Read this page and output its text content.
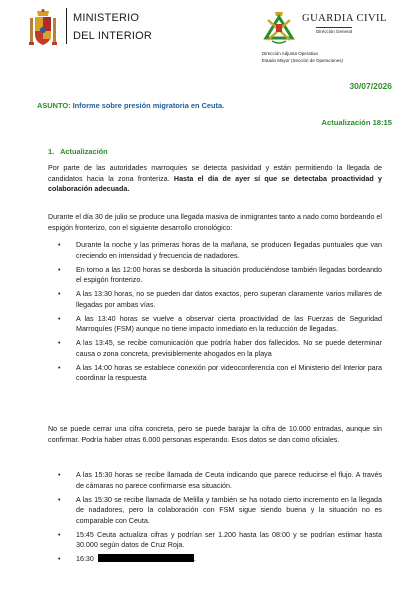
MINISTERIO
DEL INTERIOR
GUARDIA CIVIL
Dirección General
Dirección Adjunta Operativa
Estado Mayor (Sección de Operaciones)
30/07/2026
ASUNTO: Informe sobre presión migratoria en Ceuta.
Actualización 18:15
1. Actualización
Por parte de las autoridades marroquíes se detecta pasividad y están permitiendo la llegada de candidatos hacia la zona fronteriza. Hasta el día de ayer sí que se detectaba proactividad y colaboración adecuada.
Durante el día 30 de julio se produce una llegada masiva de inmigrantes tanto a nado como bordeando el espigón fronterizo, con el siguiente desarrollo cronológico:
• Durante la noche y las primeras horas de la mañana, se producen llegadas puntuales que van creciendo en intensidad y frecuencia de nadadores.
• En torno a las 12:00 horas se desborda la situación produciéndose también llegadas bordeando el espigón fronterizo.
• A las 13:30 horas, no se pueden dar datos exactos, pero superan claramente varios millares de llegadas por ambas vías.
• A las 13:40 horas se vuelve a observar cierta proactividad de las Fuerzas de Seguridad Marroquíes (FSM) aunque no tiene impacto inmediato en la reducción de llegadas.
• A las 13:45, se recibe comunicación que podría haber dos fallecidos. No se puede determinar causa o zona concreta, previsiblemente ahogados en la playa
• A las 14:00 horas se establece conexión por videoconferencia con el Ministerio del Interior para coordinar la respuesta
No se puede cerrar una cifra concreta, pero se puede barajar la cifra de 10.000 entradas, aunque sin confirmar. Podría haber otras 6.000 personas esperando. Esos datos se dan como oficiales.
• A las 15:30 horas se recibe llamada de Ceuta indicando que parece reducirse el flujo. A través de cámaras no parece confirmarse esa situación.
• A las 15:30 se recibe llamada de Melilla y también se ha notado cierto incremento en la llegada de nadadores, pero la colaboración con FSM sigue siendo buena y la situación no es comparable con Ceuta.
• 15:45 Ceuta actualiza cifras y podrían ser 1.200 hasta las 08:00 y se podrían estimar hasta 30.000 según datos de Cruz Roja.
• 16:30	.
